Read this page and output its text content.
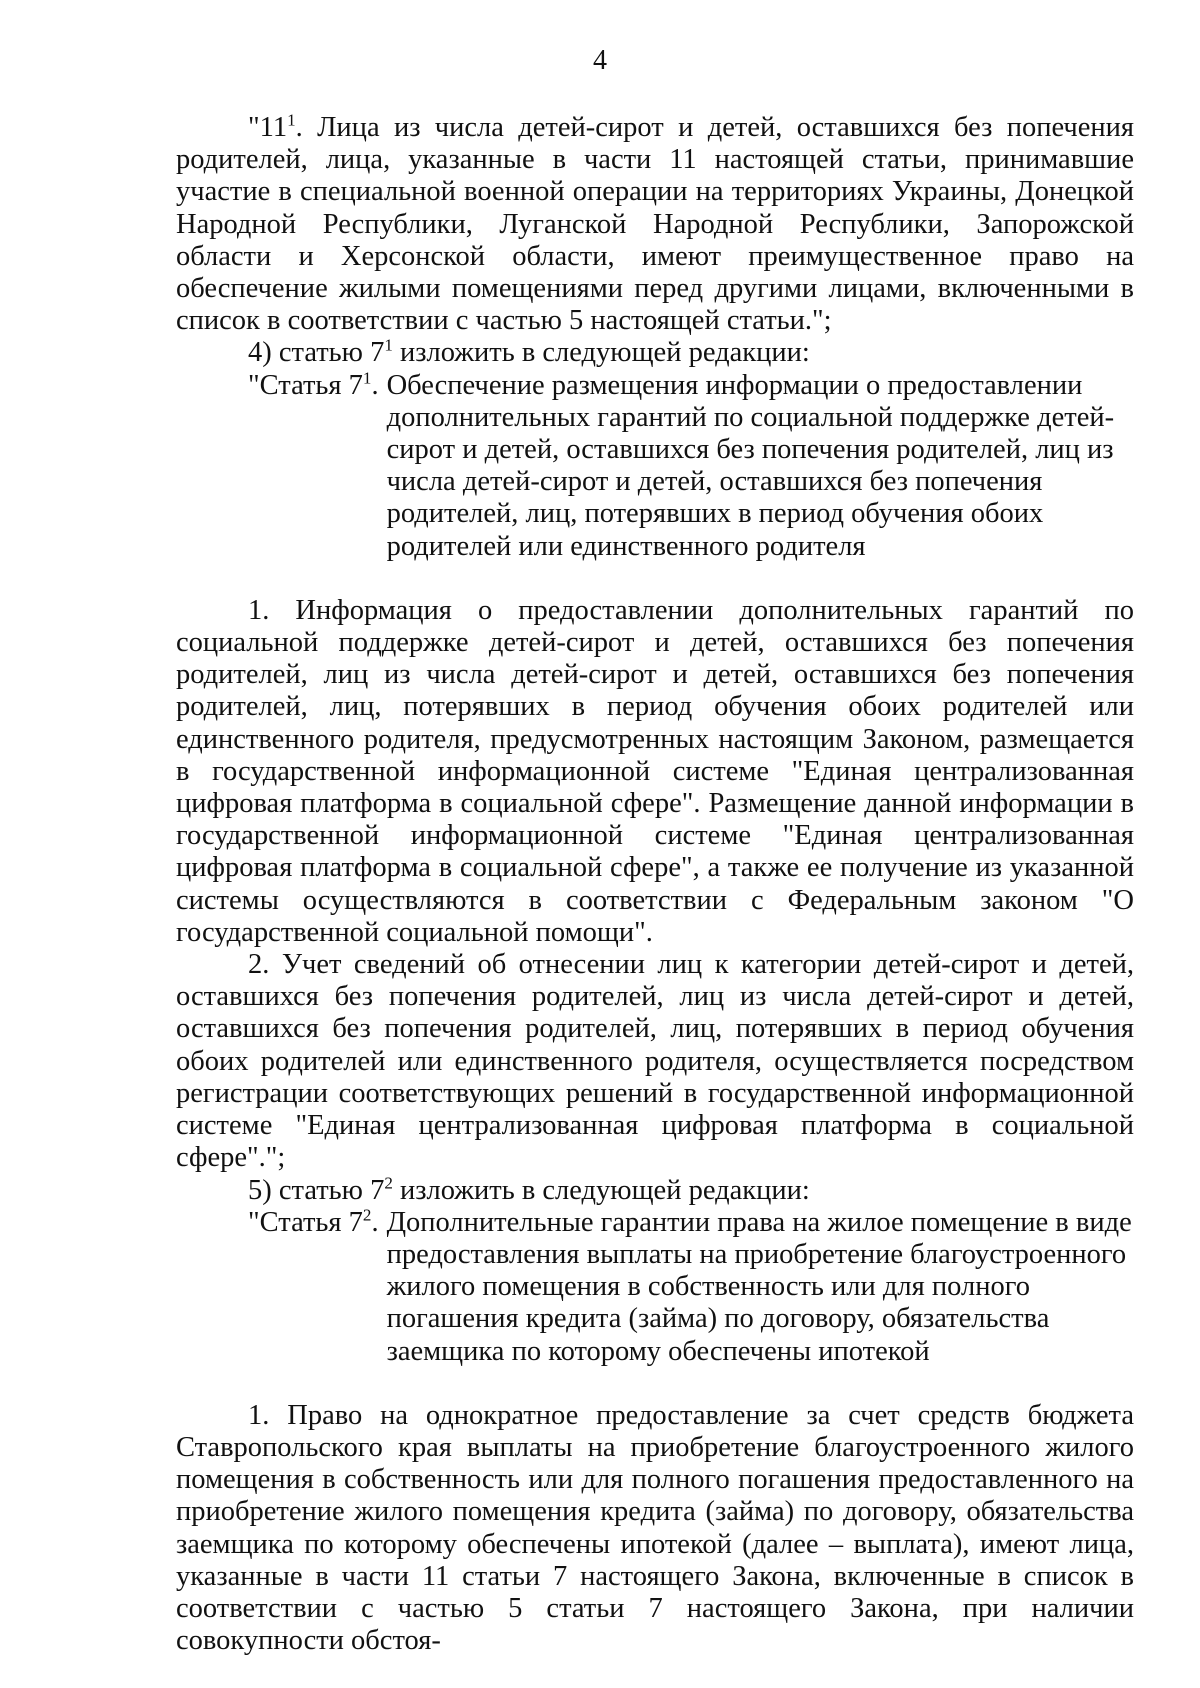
4

"$11^1$. Лица из числа детей-сирот и детей, оставшихся без попечения родителей, лица, указанные в части 11 настоящей статьи, принимавшие участие в специальной военной операции на территориях Украины, Донецкой Народной Республики, Луганской Народной Республики, Запорожской области и Херсонской области, имеют преимущественное право на обеспечение жилыми помещениями перед другими лицами, включенными в список в соответствии с частью 5 настоящей статьи.";

4) статью $7^1$ изложить в следующей редакции:

"Статья $7^1$. Обеспечение размещения информации о предоставлении дополнительных гарантий по социальной поддержке детей-сирот и детей, оставшихся без попечения родителей, лиц из числа детей-сирот и детей, оставшихся без попечения родителей, лиц, потерявших в период обучения обоих родителей или единственного родителя

1. Информация о предоставлении дополнительных гарантий по социальной поддержке детей-сирот и детей, оставшихся без попечения родителей, лиц из числа детей-сирот и детей, оставшихся без попечения родителей, лиц, потерявших в период обучения обоих родителей или единственного родителя, предусмотренных настоящим Законом, размещается в государственной информационной системе "Единая централизованная цифровая платформа в социальной сфере". Размещение данной информации в государственной информационной системе "Единая централизованная цифровая платформа в социальной сфере", а также ее получение из указанной системы осуществляются в соответствии с Федеральным законом "О государственной социальной помощи".

2. Учет сведений об отнесении лиц к категории детей-сирот и детей, оставшихся без попечения родителей, лиц из числа детей-сирот и детей, оставшихся без попечения родителей, лиц, потерявших в период обучения обоих родителей или единственного родителя, осуществляется посредством регистрации соответствующих решений в государственной информационной системе "Единая централизованная цифровая платформа в социальной сфере".";

5) статью $7^2$ изложить в следующей редакции:

"Статья $7^2$. Дополнительные гарантии права на жилое помещение в виде предоставления выплаты на приобретение благоустроенного жилого помещения в собственность или для полного погашения кредита (займа) по договору, обязательства заемщика по которому обеспечены ипотекой

1. Право на однократное предоставление за счет средств бюджета Ставропольского края выплаты на приобретение благоустроенного жилого помещения в собственность или для полного погашения предоставленного на приобретение жилого помещения кредита (займа) по договору, обязательства заемщика по которому обеспечены ипотекой (далее – выплата), имеют лица, указанные в части 11 статьи 7 настоящего Закона, включенные в список в соответствии с частью 5 статьи 7 настоящего Закона, при наличии совокупности обстоя-
